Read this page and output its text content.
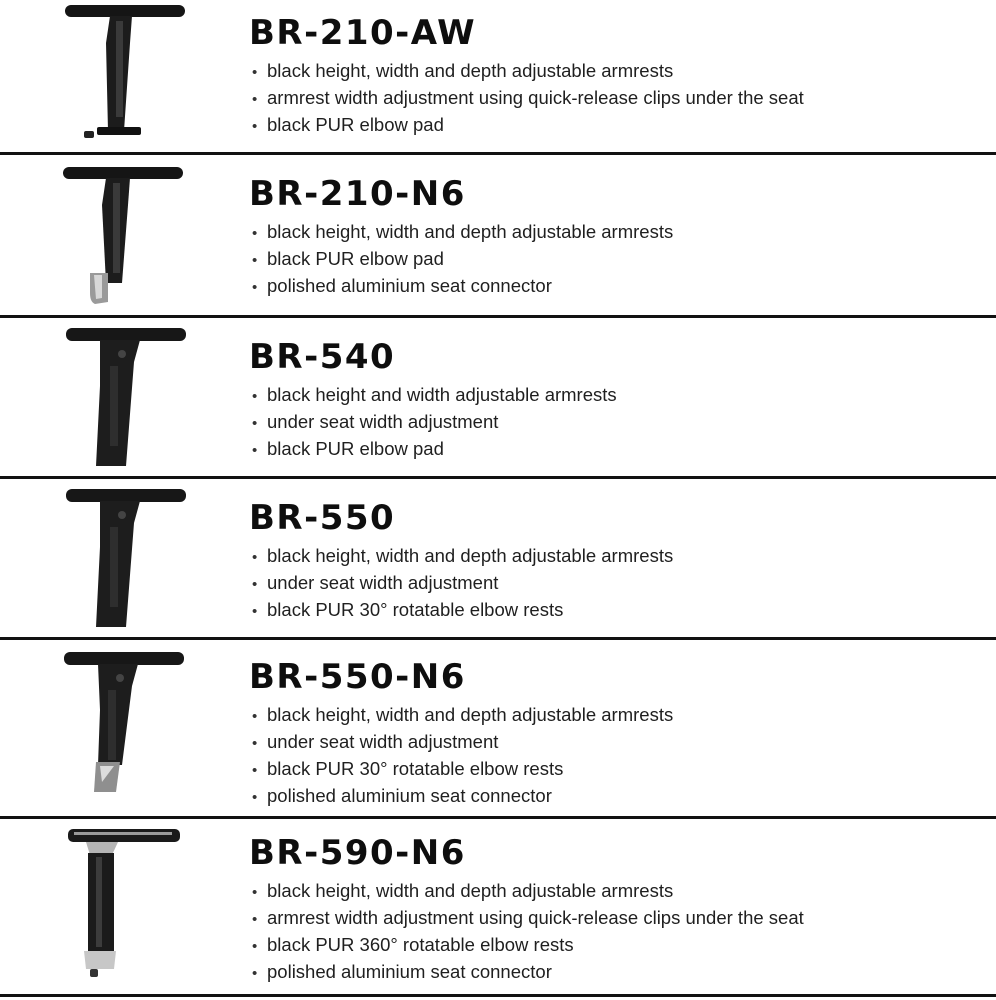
BR-210-AW
• black height, width and depth adjustable armrests
• armrest width adjustment using quick-release clips under the seat
• black PUR elbow pad
BR-210-N6
• black height, width and depth adjustable armrests
• black PUR elbow pad
• polished aluminium seat connector
BR-540
• black height and width adjustable armrests
• under seat width adjustment
• black PUR elbow pad
BR-550
• black height, width and depth adjustable armrests
• under seat width adjustment
• black PUR 30° rotatable elbow rests
BR-550-N6
• black height, width and depth adjustable armrests
• under seat width adjustment
• black PUR 30° rotatable elbow rests
• polished aluminium seat connector
BR-590-N6
• black height, width and depth adjustable armrests
• armrest width adjustment using quick-release clips under the seat
• black PUR 360° rotatable elbow rests
• polished aluminium seat connector
